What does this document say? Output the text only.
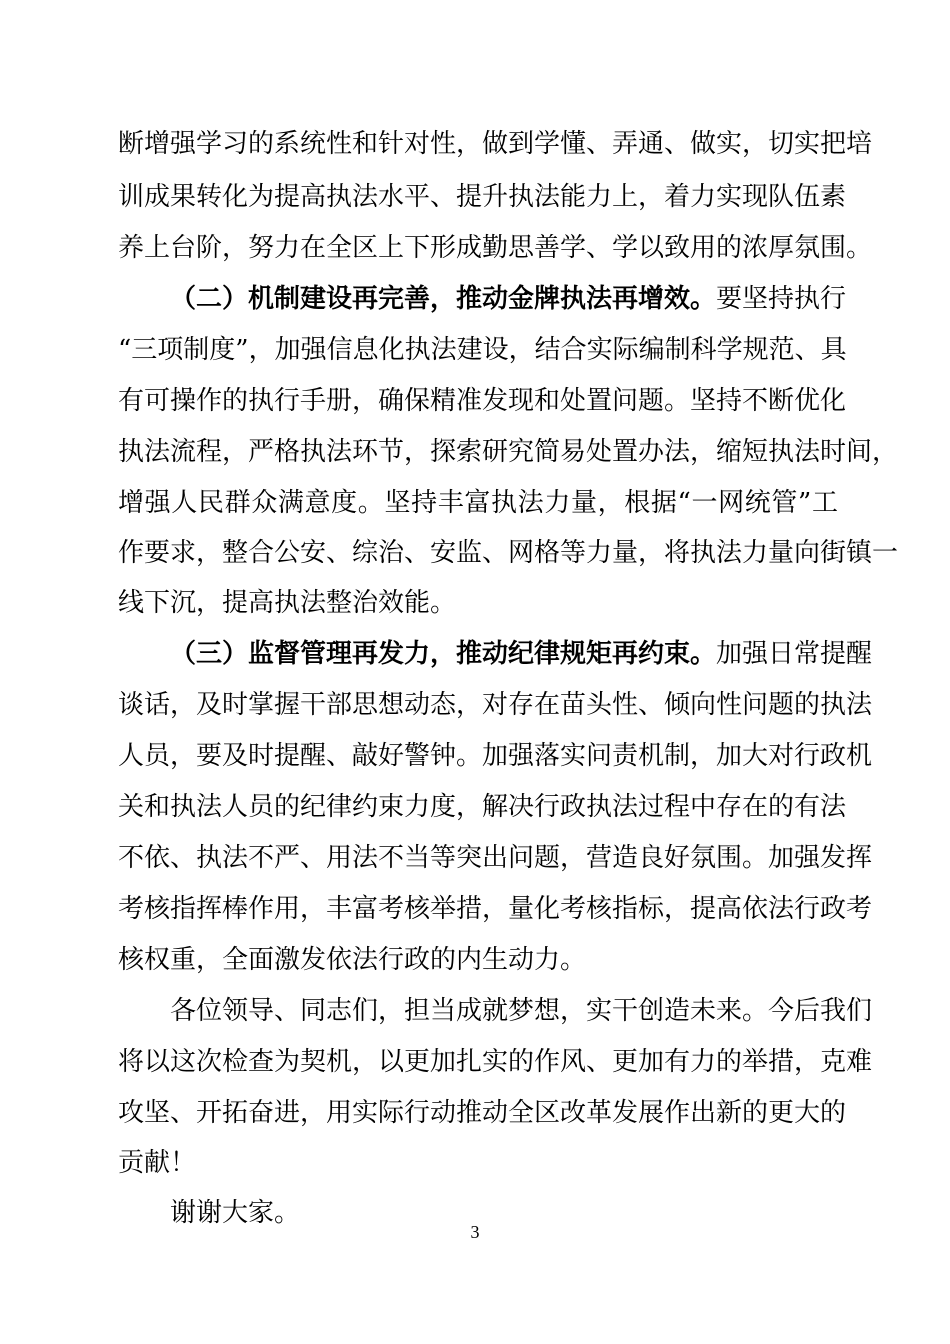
断增强学习的系统性和针对性，做到学懂、弄通、做实，切实把培
训成果转化为提高执法水平、提升执法能力上，着力实现队伍素
养上台阶，努力在全区上下形成勤思善学、学以致用的浓厚氛围。
（二）机制建设再完善，推动金牌执法再增效。要坚持执行
“三项制度”，加强信息化执法建设，结合实际编制科学规范、具
有可操作的执行手册，确保精准发现和处置问题。坚持不断优化
执法流程，严格执法环节，探索研究简易处置办法，缩短执法时间，
增强人民群众满意度。坚持丰富执法力量，根据“一网统管”工
作要求，整合公安、综治、安监、网格等力量，将执法力量向街镇一
线下沉，提高执法整治效能。
（三）监督管理再发力，推动纪律规矩再约束。加强日常提醒
谈话，及时掌握干部思想动态，对存在苗头性、倾向性问题的执法
人员，要及时提醒、敲好警钟。加强落实问责机制，加大对行政机
关和执法人员的纪律约束力度，解决行政执法过程中存在的有法
不依、执法不严、用法不当等突出问题，营造良好氛围。加强发挥
考核指挥棒作用，丰富考核举措，量化考核指标，提高依法行政考
核权重，全面激发依法行政的内生动力。
各位领导、同志们，担当成就梦想，实干创造未来。今后我们
将以这次检查为契机，以更加扎实的作风、更加有力的举措，克难
攻坚、开拓奋进，用实际行动推动全区改革发展作出新的更大的
贡献！
谢谢大家。
3
